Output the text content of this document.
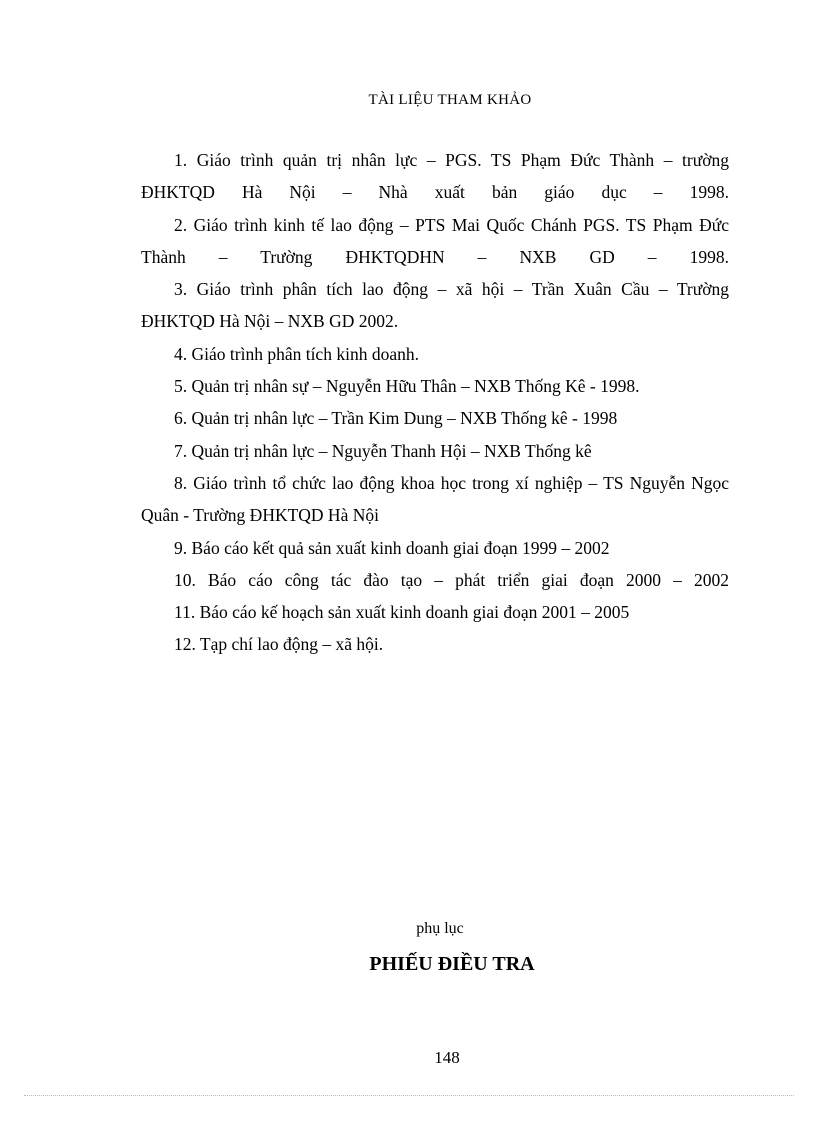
TÀI LIỆU THAM KHẢO

1. Giáo trình quản trị nhân lực – PGS. TS Phạm Đức Thành – trường ĐHKTQD Hà Nội – Nhà xuất bản giáo dục – 1998.

2. Giáo trình kinh tế lao động – PTS Mai Quốc Chánh PGS. TS Phạm Đức Thành – Trường ĐHKTQDHN – NXB GD – 1998.

3. Giáo trình phân tích lao động – xã hội – Trần Xuân Cầu – Trường ĐHKTQD Hà Nội – NXB GD 2002.

4. Giáo trình phân tích kinh doanh.

5. Quản trị nhân sự – Nguyễn Hữu Thân – NXB Thống Kê - 1998.

6. Quản trị nhân lực – Trần Kim Dung – NXB Thống kê - 1998

7. Quản trị nhân lực – Nguyễn Thanh Hội – NXB Thống kê

8. Giáo trình tổ chức lao động khoa học trong xí nghiệp – TS Nguyễn Ngọc Quân - Trường ĐHKTQD Hà Nội

9. Báo cáo kết quả sản xuất kinh doanh giai đoạn 1999 – 2002

10. Báo cáo công tác đào tạo – phát triển giai đoạn 2000 – 2002

11. Báo cáo kế hoạch sản xuất kinh doanh giai đoạn 2001 – 2005

12. Tạp chí lao động – xã hội.

phụ lục
PHIẾU ĐIỀU TRA
148
